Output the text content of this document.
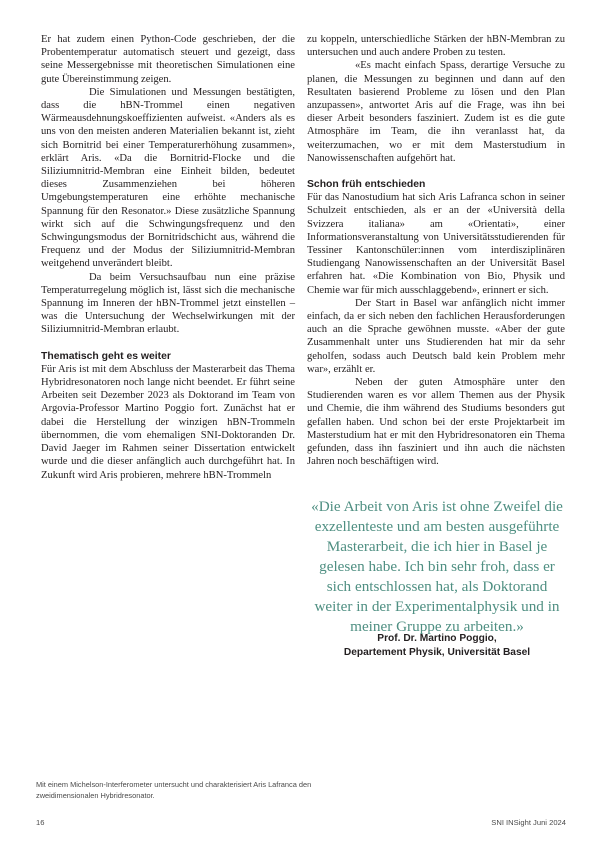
Er hat zudem einen Python-Code geschrieben, der die Probentemperatur automatisch steuert und gezeigt, dass seine Messergebnisse mit theoretischen Simulationen eine gute Übereinstimmung zeigen.

Die Simulationen und Messungen bestätigten, dass die hBN-Trommel einen negativen Wärmeausdehnungskoeffizienten aufweist. «Anders als es uns von den meisten anderen Materialien bekannt ist, zieht sich Bornitrid bei einer Temperaturerhöhung zusammen», erklärt Aris. «Da die Bornitrid-Flocke und die Siliziumnitrid-Membran eine Einheit bilden, bedeutet dieses Zusammenziehen bei höheren Umgebungstemperaturen eine erhöhte mechanische Spannung für den Resonator.» Diese zusätzliche Spannung wirkt sich auf die Schwingungsfrequenz und den Schwingungsmodus der Bornitridschicht aus, während die Frequenz und der Modus der Siliziumnitrid-Membran weitgehend unverändert bleibt.

Da beim Versuchsaufbau nun eine präzise Temperaturregelung möglich ist, lässt sich die mechanische Spannung im Inneren der hBN-Trommel jetzt einstellen – was die Untersuchung der Wechselwirkungen mit der Siliziumnitrid-Membran erlaubt.

Thematisch geht es weiter

Für Aris ist mit dem Abschluss der Masterarbeit das Thema Hybridresonatoren noch lange nicht beendet. Er führt seine Arbeiten seit Dezember 2023 als Doktorand im Team von Argovia-Professor Martino Poggio fort. Zunächst hat er dabei die Herstellung der winzigen hBN-Trommeln übernommen, die vom ehemaligen SNI-Doktoranden Dr. David Jaeger im Rahmen seiner Dissertation entwickelt wurde und die dieser anfänglich auch durchgeführt hat. In Zukunft wird Aris probieren, mehrere hBN-Trommeln

zu koppeln, unterschiedliche Stärken der hBN-Membran zu untersuchen und auch andere Proben zu testen.

«Es macht einfach Spass, derartige Versuche zu planen, die Messungen zu beginnen und dann auf den Resultaten basierend Probleme zu lösen und den Plan anzupassen», antwortet Aris auf die Frage, was ihn bei dieser Arbeit besonders fasziniert. Zudem ist es die gute Atmosphäre im Team, die ihn veranlasst hat, da weiterzumachen, wo er mit dem Masterstudium in Nanowissenschaften aufgehört hat.

Schon früh entschieden

Für das Nanostudium hat sich Aris Lafranca schon in seiner Schulzeit entschieden, als er an der «Università della Svizzera italiana» am «Orientati», einer Informationsveranstaltung von Universitätsstudierenden für Tessiner Kantonschüler:innen vom interdisziplinären Studiengang Nanowissenschaften an der Universität Basel erfahren hat. «Die Kombination von Bio, Physik und Chemie war für mich ausschlaggebend», erinnert er sich.

Der Start in Basel war anfänglich nicht immer einfach, da er sich neben den fachlichen Herausforderungen auch an die Sprache gewöhnen musste. «Aber der gute Zusammenhalt unter uns Studierenden hat mir da sehr geholfen, sodass auch Deutsch bald kein Problem mehr war», erzählt er.

Neben der guten Atmosphäre unter den Studierenden waren es vor allem Themen aus der Physik und Chemie, die ihm während des Studiums besonders gut gefallen haben. Und schon bei der erste Projektarbeit im Masterstudium hat er mit den Hybridresonatoren ein Thema gefunden, dass ihn fasziniert und ihn auch die nächsten Jahren noch beschäftigen wird.

«Die Arbeit von Aris ist ohne Zweifel die exzellenteste und am besten ausgeführte Masterarbeit, die ich hier in Basel je gelesen habe. Ich bin sehr froh, dass er sich entschlossen hat, als Doktorand weiter in der Experimentalphysik und in meiner Gruppe zu arbeiten.»
Prof. Dr. Martino Poggio,
Departement Physik, Universität Basel
Mit einem Michelson-Interferometer untersucht und charakterisiert Aris Lafranca den zweidimensionalen Hybridresonator.
16	SNI INSight Juni 2024
